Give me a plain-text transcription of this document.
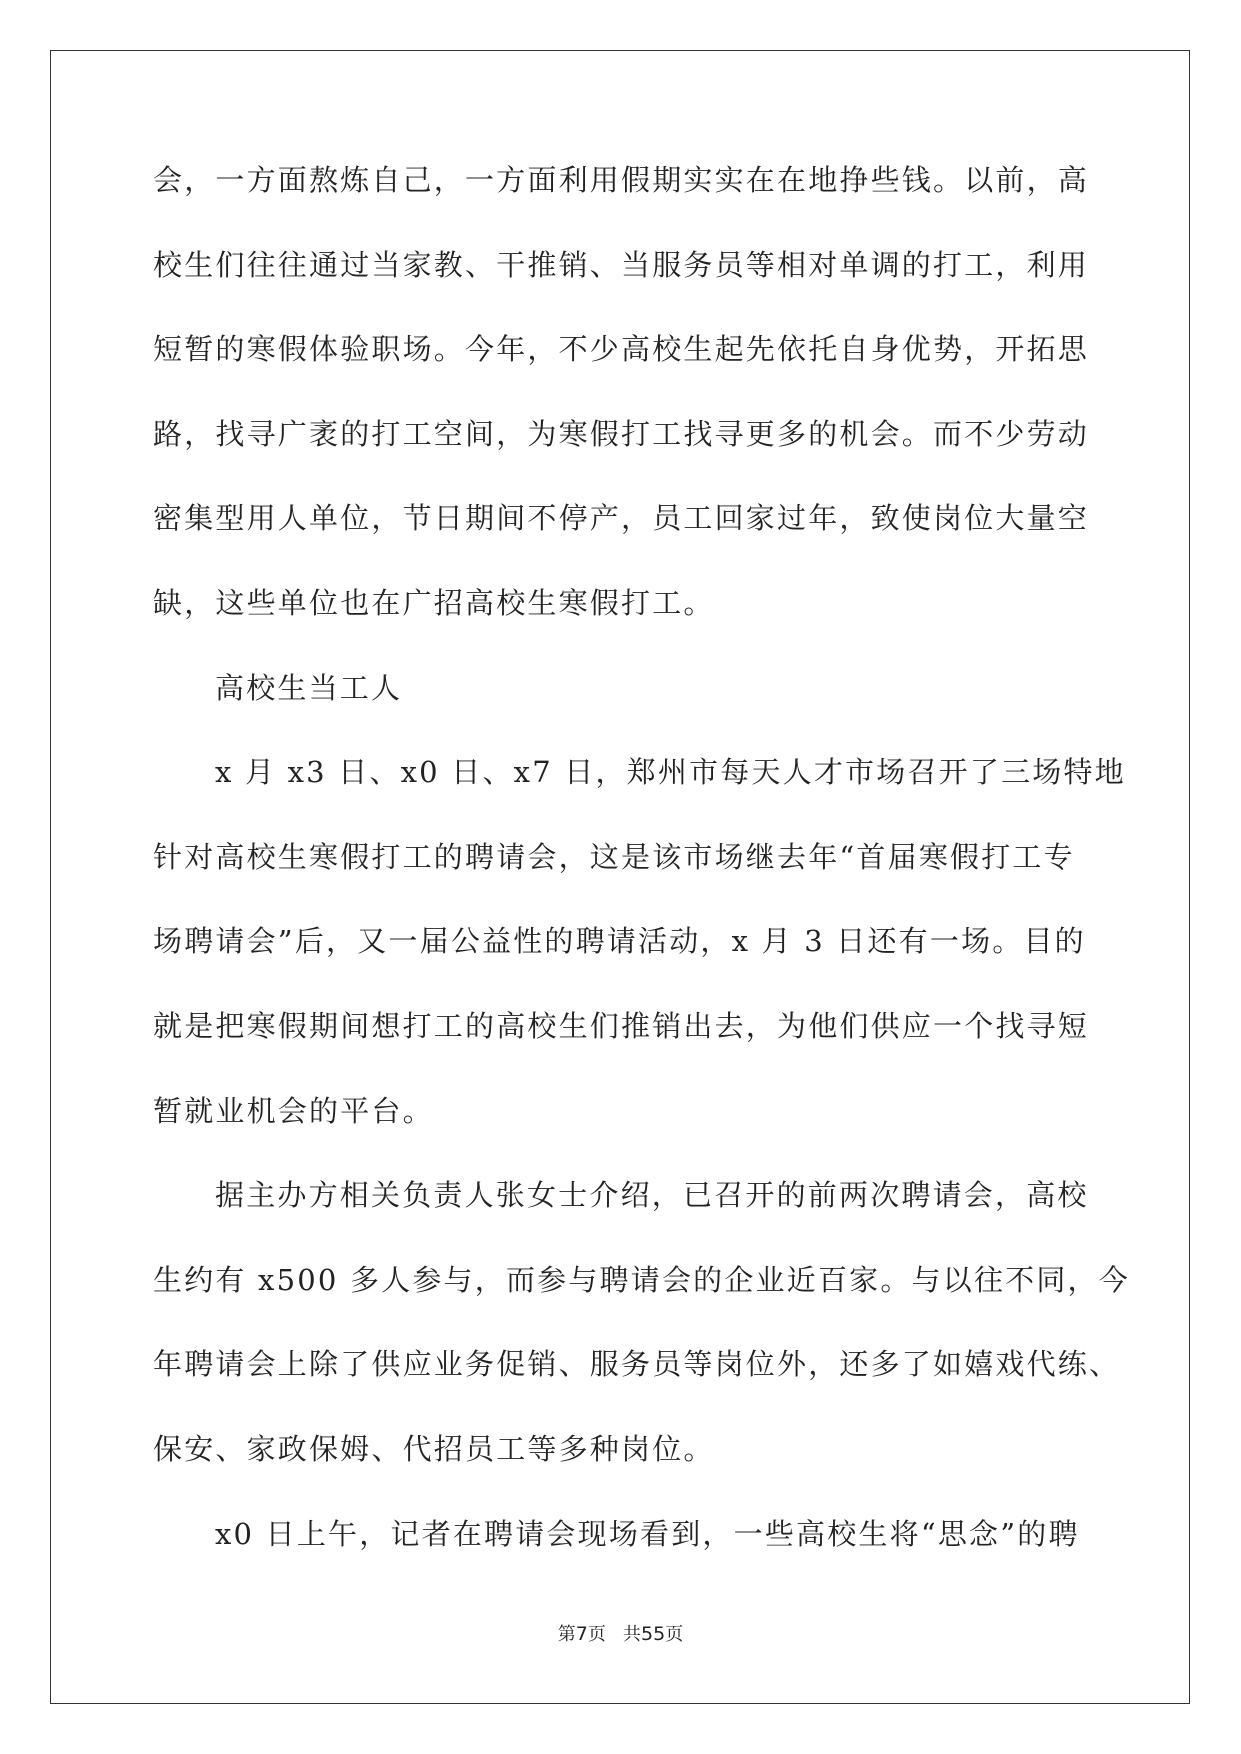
会，一方面熬炼自己，一方面利用假期实实在在地挣些钱。以前，高
校生们往往通过当家教、干推销、当服务员等相对单调的打工，利用
短暂的寒假体验职场。今年，不少高校生起先依托自身优势，开拓思
路，找寻广袤的打工空间，为寒假打工找寻更多的机会。而不少劳动
密集型用人单位，节日期间不停产，员工回家过年，致使岗位大量空
缺，这些单位也在广招高校生寒假打工。
高校生当工人
x 月 x3 日、x0 日、x7 日，郑州市每天人才市场召开了三场特地
针对高校生寒假打工的聘请会，这是该市场继去年“首届寒假打工专
场聘请会”后，又一届公益性的聘请活动，x 月 3 日还有一场。目的
就是把寒假期间想打工的高校生们推销出去，为他们供应一个找寻短
暂就业机会的平台。
据主办方相关负责人张女士介绍，已召开的前两次聘请会，高校
生约有 x500 多人参与，而参与聘请会的企业近百家。与以往不同，今
年聘请会上除了供应业务促销、服务员等岗位外，还多了如嬉戏代练、
保安、家政保姆、代招员工等多种岗位。
x0 日上午，记者在聘请会现场看到，一些高校生将“思念”的聘
第7页 共55页
